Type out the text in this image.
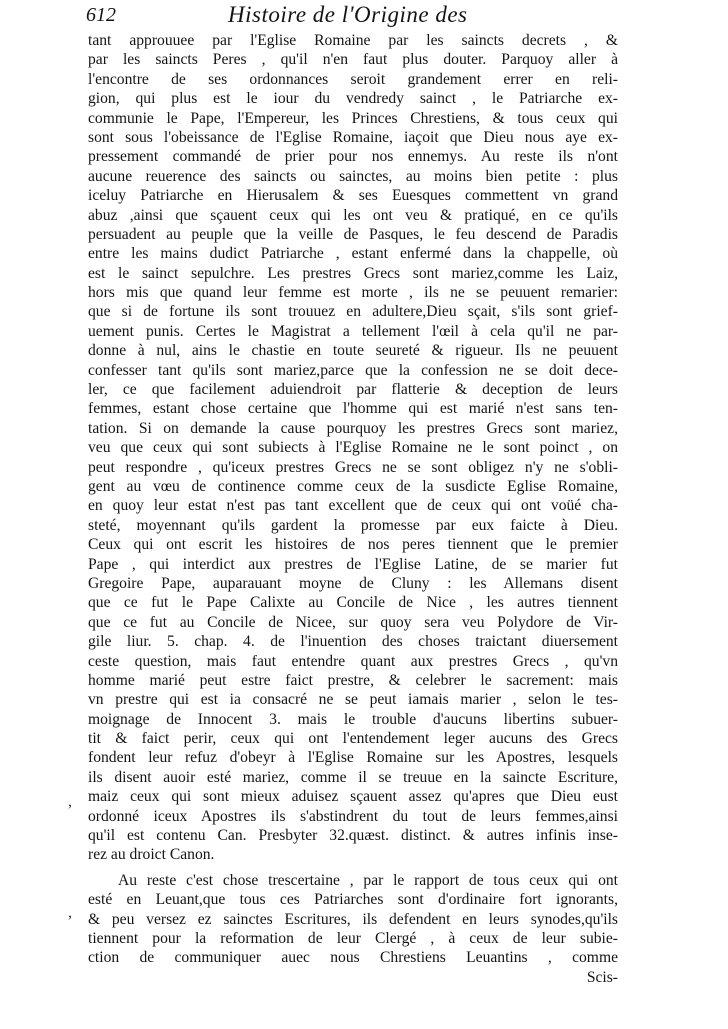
612	Histoire de l'Origine des
,
,
tant approuuee par l'Eglise Romaine par les saincts decrets , &
par les saincts Peres , qu'il n'en faut plus douter. Parquoy aller à
l'encontre de ses ordonnances seroit grandement errer en reli-
gion, qui plus est le iour du vendredy sainct , le Patriarche ex-
communie le Pape, l'Empereur, les Princes Chrestiens, & tous ceux qui
sont sous l'obeissance de l'Eglise Romaine, iaçoit que Dieu nous aye ex-
pressement commandé de prier pour nos ennemys. Au reste ils n'ont
aucune reuerence des saincts ou sainctes, au moins bien petite : plus
iceluy Patriarche en Hierusalem & ses Euesques commettent vn grand
abuz ,ainsi que sçauent ceux qui les ont veu & pratiqué, en ce qu'ils
persuadent au peuple que la veille de Pasques, le feu descend de Paradis
entre les mains dudict Patriarche , estant enfermé dans la chappelle, où
est le sainct sepulchre. Les prestres Grecs sont mariez,comme les Laiz,
hors mis que quand leur femme est morte , ils ne se peuuent remarier:
que si de fortune ils sont trouuez en adultere,Dieu sçait, s'ils sont grief-
uement punis. Certes le Magistrat a tellement l'œil à cela qu'il ne par-
donne à nul, ains le chastie en toute seureté & rigueur. Ils ne peuuent
confesser tant qu'ils sont mariez,parce que la confession ne se doit dece-
ler, ce que facilement aduiendroit par flatterie & deception de leurs
femmes, estant chose certaine que l'homme qui est marié n'est sans ten-
tation. Si on demande la cause pourquoy les prestres Grecs sont mariez,
veu que ceux qui sont subiects à l'Eglise Romaine ne le sont poinct , on
peut respondre , qu'iceux prestres Grecs ne se sont obligez n'y ne s'obli-
gent au vœu de continence comme ceux de la susdicte Eglise Romaine,
en quoy leur estat n'est pas tant excellent que de ceux qui ont voüé cha-
steté, moyennant qu'ils gardent la promesse par eux faicte à Dieu.
Ceux qui ont escrit les histoires de nos peres tiennent que le premier
Pape , qui interdict aux prestres de l'Eglise Latine, de se marier fut
Gregoire Pape, auparauant moyne de Cluny : les Allemans disent
que ce fut le Pape Calixte au Concile de Nice , les autres tiennent
que ce fut au Concile de Nicee, sur quoy sera veu Polydore de Vir-
gile liur. 5. chap. 4. de l'inuention des choses traictant diuersement
ceste question, mais faut entendre quant aux prestres Grecs , qu'vn
homme marié peut estre faict prestre, & celebrer le sacrement: mais
vn prestre qui est ia consacré ne se peut iamais marier , selon le tes-
moignage de Innocent 3. mais le trouble d'aucuns libertins subuer-
tit & faict perir, ceux qui ont l'entendement leger aucuns des Grecs
fondent leur refuz d'obeyr à l'Eglise Romaine sur les Apostres, lesquels
ils disent auoir esté mariez, comme il se treuue en la saincte Escriture,
maiz ceux qui sont mieux aduisez sçauent assez qu'apres que Dieu eust
ordonné iceux Apostres ils s'abstindrent du tout de leurs femmes,ainsi
qu'il est contenu Can. Presbyter 32.quæst. distinct. & autres infinis inse-
rez au droict Canon.
Au reste c'est chose trescertaine , par le rapport de tous ceux qui ont
esté en Leuant,que tous ces Patriarches sont d'ordinaire fort ignorants,
& peu versez ez sainctes Escritures, ils defendent en leurs synodes,qu'ils
tiennent pour la reformation de leur Clergé , à ceux de leur subie-
ction de communiquer auec nous Chrestiens Leuantins , comme
Scis-
